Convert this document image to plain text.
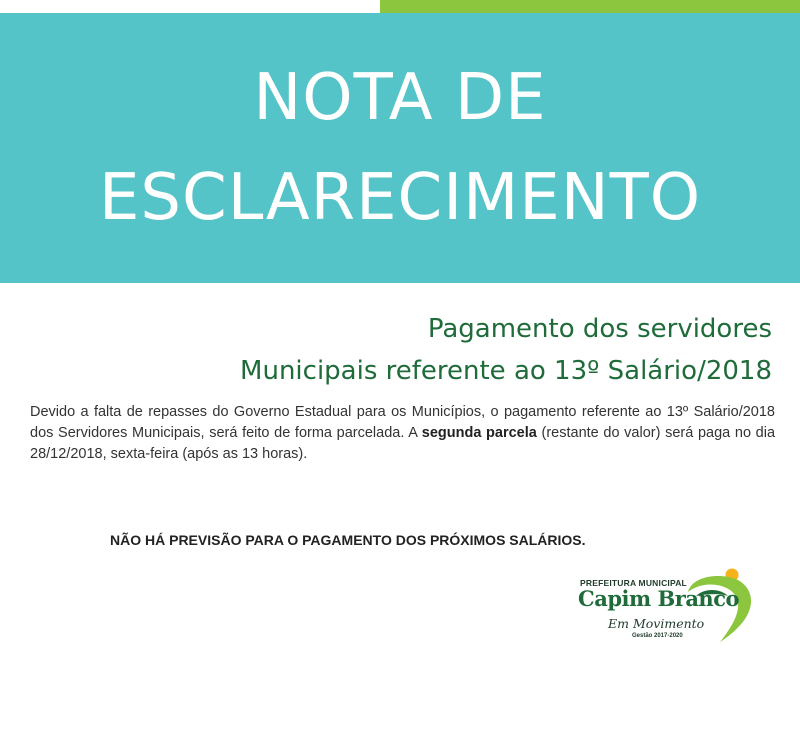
NOTA DE
ESCLARECIMENTO
Pagamento dos servidores
Municipais referente ao 13º Salário/2018
Devido a falta de repasses do Governo Estadual para os Municípios, o pagamento referente ao 13º Salário/2018 dos Servidores Municipais, será feito de forma parcelada. A segunda parcela (restante do valor) será paga no dia 28/12/2018, sexta-feira (após as 13 horas).
NÃO HÁ PREVISÃO PARA O PAGAMENTO DOS PRÓXIMOS SALÁRIOS.
PREFEITURA MUNICIPAL
Capim Branco
Em Movimento
Gestão 2017-2020
